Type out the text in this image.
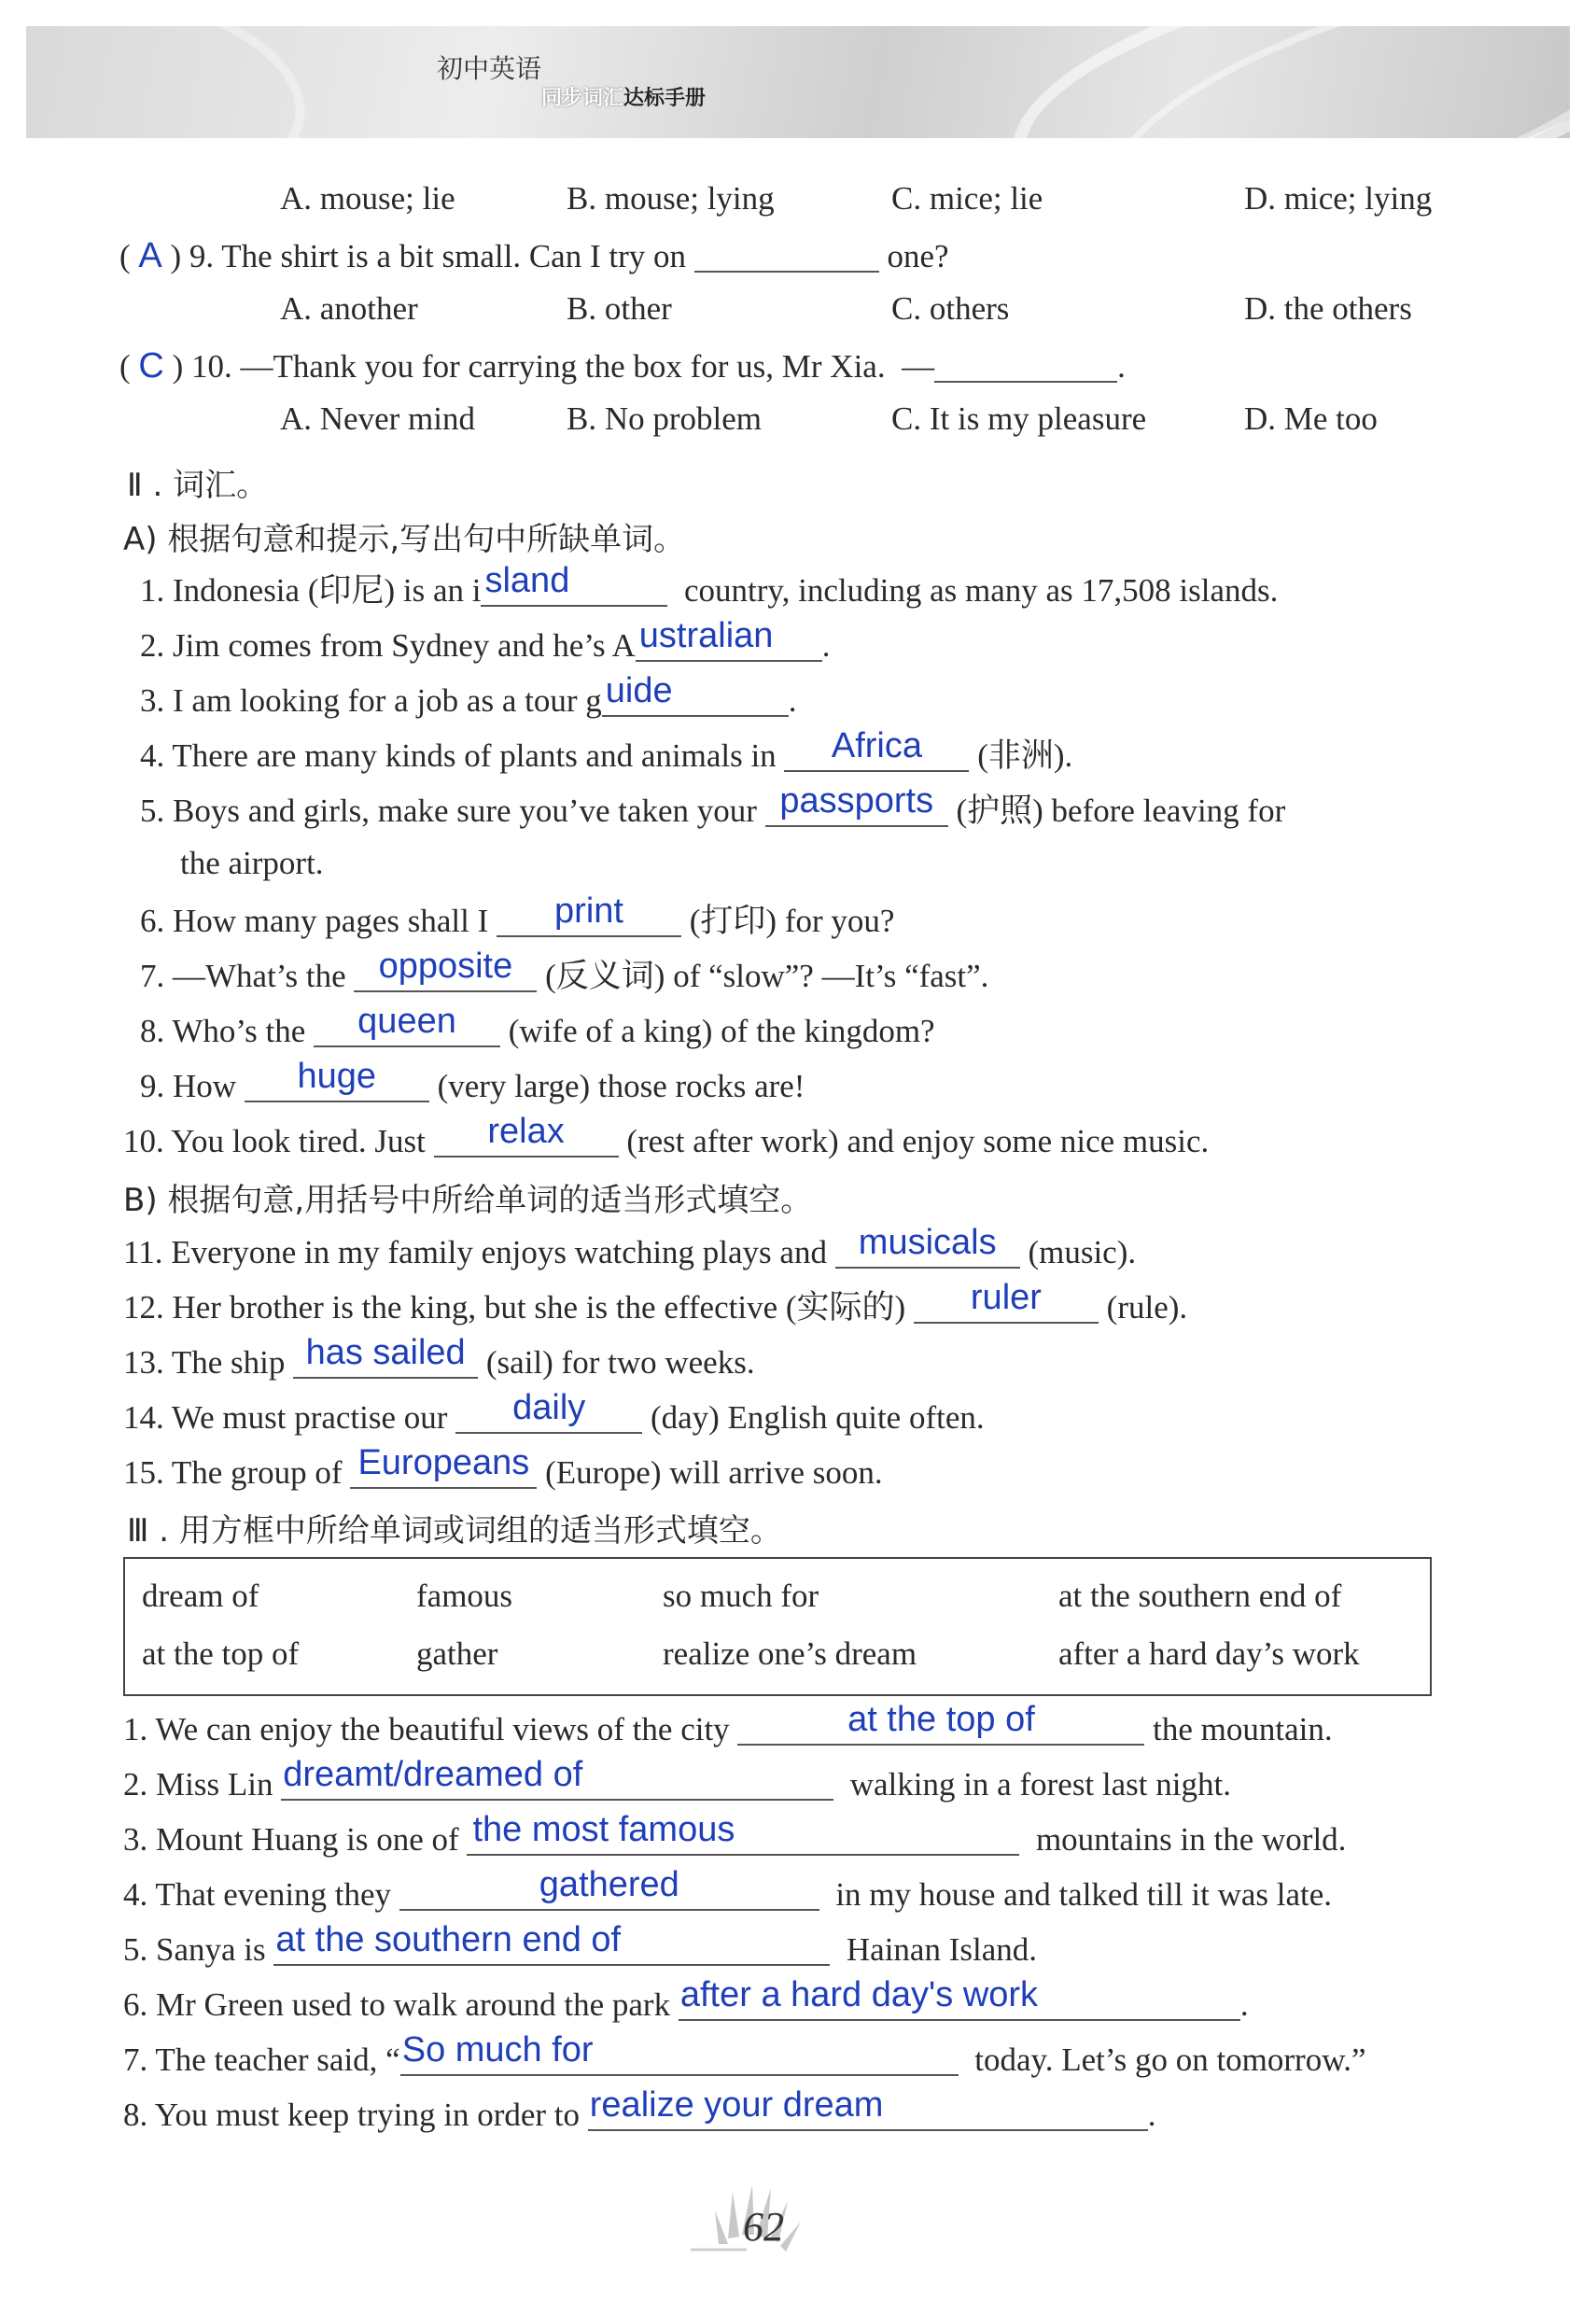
初中英语
同步词汇达标手册
A. mouse; lie	B. mouse; lying	C. mice; lie	D. mice; lying
( A ) 9. The shirt is a bit small. Can I try on	one?
A. another	B. other	C. others	D. the others
( C ) 10. —Thank you for carrying the box for us, Mr Xia. —	.
A. Never mind	B. No problem	C. It is my pleasure	D. Me too
Ⅱ . 词汇。
A) 根据句意和提示,写出句中所缺单词。
1. Indonesia (印尼) is an i sland	country, including as many as 17,508 islands.
2. Jim comes from Sydney and he’s A ustralian	.
3. I am looking for a job as a tour g uide	.
4. There are many kinds of plants and animals in	Africa	(非洲).
5. Boys and girls, make sure you’ve taken your passports (护照) before leaving for
the airport.
6. How many pages shall I	print	(打印) for you?
7. —What’s the opposite (反义词) of “slow”? —It’s “fast”.
8. Who’s the	queen	(wife of a king) of the kingdom?
9. How	huge	(very large) those rocks are!
10. You look tired. Just	relax	(rest after work) and enjoy some nice music.
B) 根据句意,用括号中所给单词的适当形式填空。
11. Everyone in my family enjoys watching plays and musicals (music).
12. Her brother is the king, but she is the effective (实际的)	ruler	(rule).
13. The ship has sailed (sail) for two weeks.
14. We must practise our	daily	(day) English quite often.
15. The group of Europeans (Europe) will arrive soon.
Ⅲ . 用方框中所给单词或词组的适当形式填空。
dream of	famous	so much for	at the southern end of
at the top of	gather	realize one’s dream	after a hard day’s work
1. We can enjoy the beautiful views of the city	at the top of	the mountain.
2. Miss Lin dreamt/dreamed of	walking in a forest last night.
3. Mount Huang is one of the most famous	mountains in the world.
4. That evening they	gathered	in my house and talked till it was late.
5. Sanya is at the southern end of	Hainan Island.
6. Mr Green used to walk around the park after a hard day's work	.
7. The teacher said, “ So much for	today. Let’s go on tomorrow.”
8. You must keep trying in order to realize your dream	.
62
